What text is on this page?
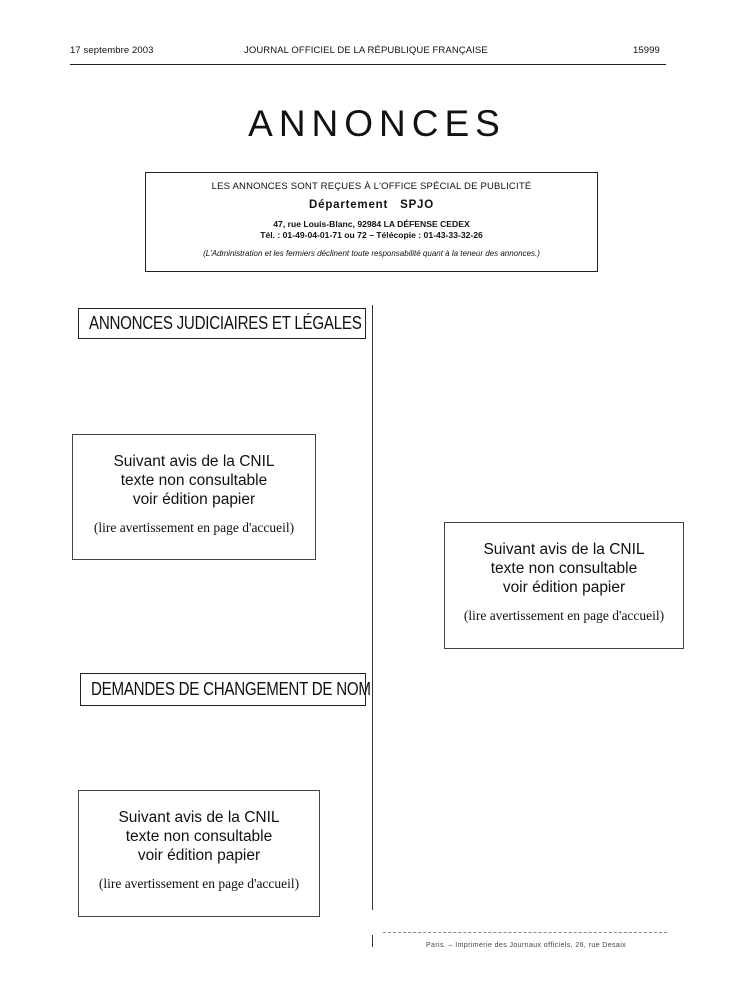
17 septembre 2003	JOURNAL OFFICIEL DE LA RÉPUBLIQUE FRANÇAISE	15999
ANNONCES
LES ANNONCES SONT REÇUES À L'OFFICE SPÉCIAL DE PUBLICITÉ
Département   SPJO
47, rue Louis-Blanc, 92984 LA DÉFENSE CEDEX
Tél. : 01-49-04-01-71 ou 72 – Télécopie : 01-43-33-32-26
(L'Administration et les fermiers déclinent toute responsabilité quant à la teneur des annonces.)
ANNONCES JUDICIAIRES ET LÉGALES
Suivant avis de la CNIL
texte non consultable
voir édition papier
(lire avertissement en page d'accueil)
Suivant avis de la CNIL
texte non consultable
voir édition papier
(lire avertissement en page d'accueil)
DEMANDES DE CHANGEMENT DE NOM
Suivant avis de la CNIL
texte non consultable
voir édition papier
(lire avertissement en page d'accueil)
Paris. – Imprimerie des Journaux officiels, 26, rue Desaix
